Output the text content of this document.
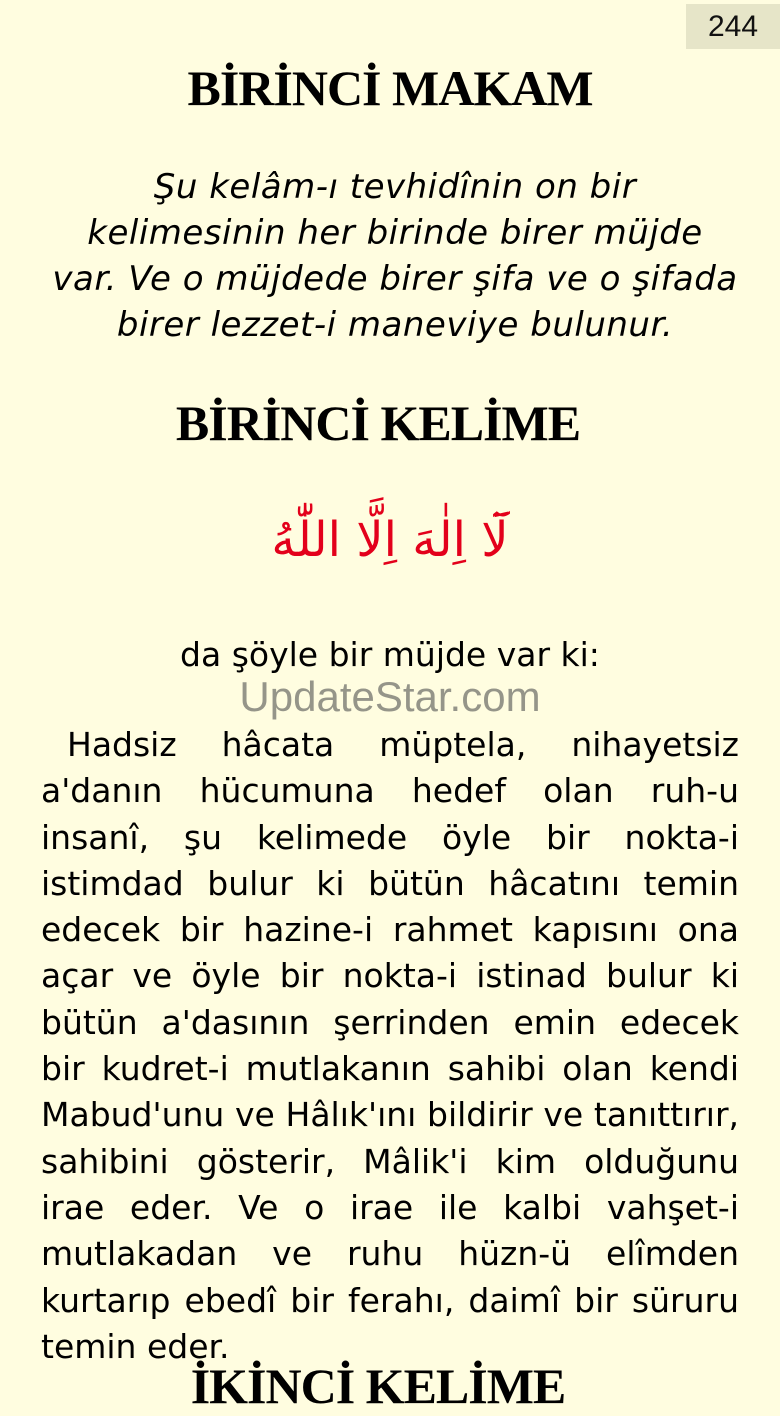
244
BİRİNCİ MAKAM

Şu kelâm-ı tevhidînin on bir kelimesinin her birinde birer müjde var. Ve o müjdede birer şifa ve o şifada birer lezzet-i maneviye bulunur.

BİRİNCİ KELİME

لَٓا اِلٰهَ اِلَّا اللّٰهُ

da şöyle bir müjde var ki:

UpdateStar.com

Hadsiz hâcata müptela, nihayetsiz a'danın hücumuna hedef olan ruh-u insanî, şu kelimede öyle bir nokta-i istimdad bulur ki bütün hâcatını temin edecek bir hazine-i rahmet kapısını ona açar ve öyle bir nokta-i istinad bulur ki bütün a'dasının şerrinden emin edecek bir kudret-i mutlakanın sahibi olan kendi Mabud'unu ve Hâlık'ını bildirir ve tanıttırır, sahibini gösterir, Mâlik'i kim olduğunu irae eder. Ve o irae ile kalbi vahşet-i mutlakadan ve ruhu hüzn-ü elîmden kurtarıp ebedî bir ferahı, daimî bir süruru temin eder.

İKİNCİ KELİME
